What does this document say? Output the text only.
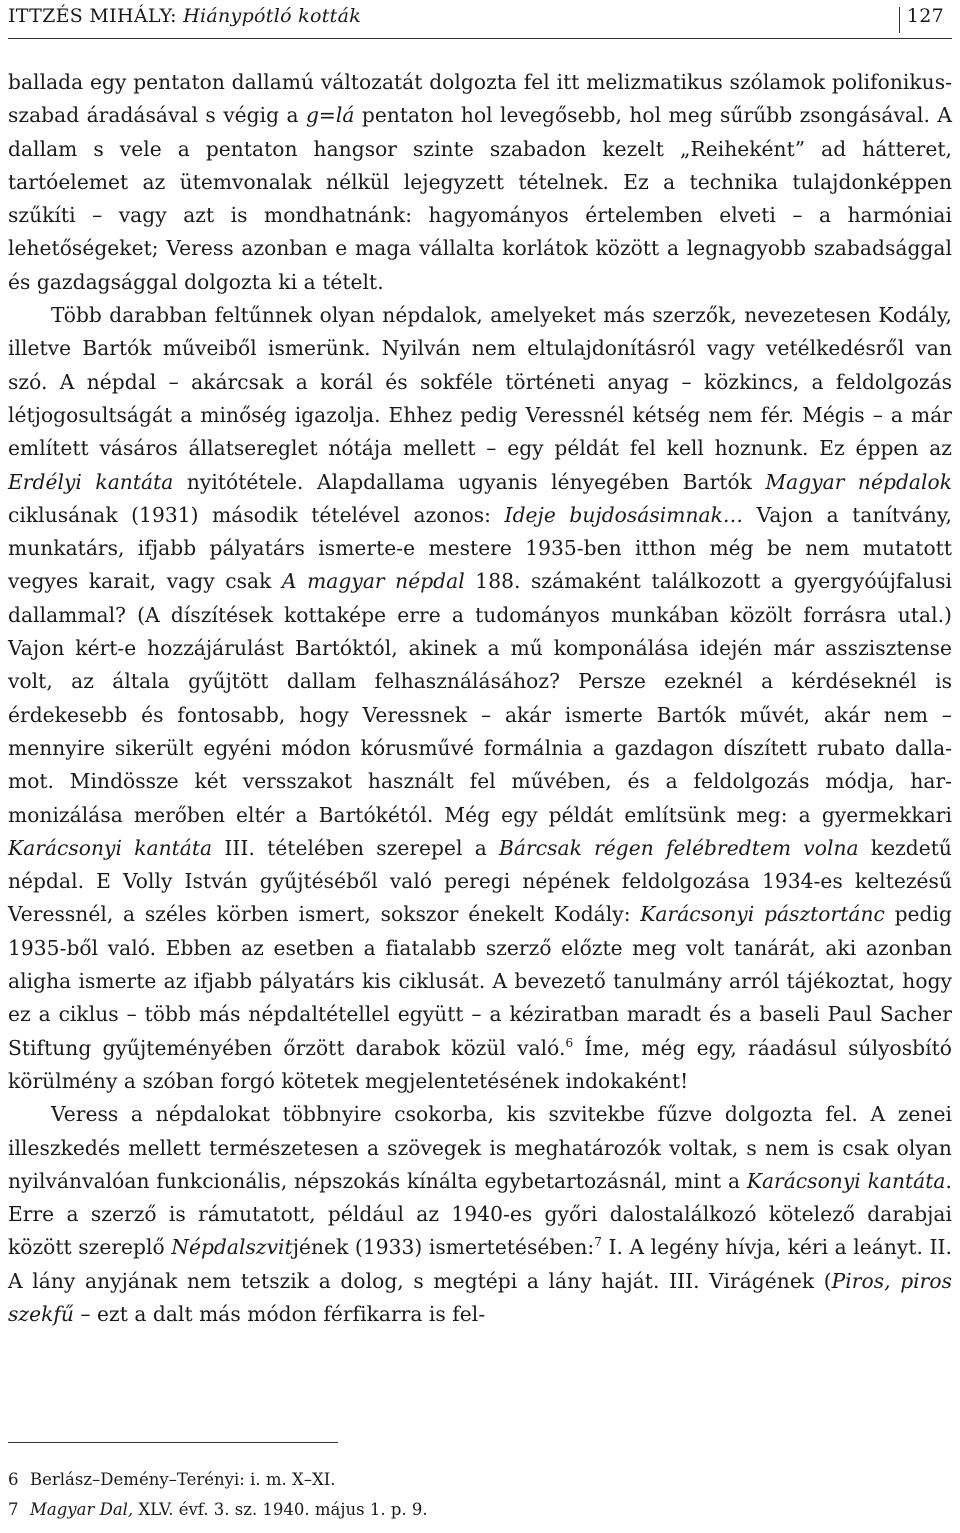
ITTZÉS MIHÁLY: Hiánypótló kották	127

ballada egy pentaton dallamú változatát dolgozta fel itt melizmatikus szólamok polifonikus-szabad áradásával s végig a g=lá pentaton hol levegősebb, hol meg sűrűbb zsongásával. A dallam s vele a pentaton hangsor szinte szabadon kezelt „Reiheként” ad hátteret, tartóelemet az ütemvonalak nélkül lejegyzett tételnek. Ez a technika tulajdonképpen szűkíti – vagy azt is mondhatnánk: hagyományos értelemben elveti – a harmóniai lehetőségeket; Veress azonban e maga vállalta korlátok között a legnagyobb szabadsággal és gazdagsággal dolgozta ki a tételt.

Több darabban feltűnnek olyan népdalok, amelyeket más szerzők, nevezetesen Kodály, illetve Bartók műveiből ismerünk. Nyilván nem eltulajdonításról vagy vetélkedésről van szó. A népdal – akárcsak a korál és sokféle történeti anyag – közkincs, a feldolgozás létjogosultságát a minőség igazolja. Ehhez pedig Veressnél kétség nem fér. Mégis – a már említett vásáros állatsereglet nótája mellett – egy példát fel kell hoznunk. Ez éppen az Erdélyi kantáta nyitótétele. Alapdallama ugyanis lényegében Bartók Magyar népdalok ciklusának (1931) második tételével azonos: Ideje bujdosásimnak… Vajon a tanítvány, munkatárs, ifjabb pályatárs ismerte-e mestere 1935-ben itthon még be nem mutatott vegyes karait, vagy csak A magyar népdal 188. számaként találkozott a gyergyóújfalusi dallammal? (A díszítések kottaképe erre a tudományos munkában közölt forrásra utal.) Vajon kért-e hozzájárulást Bartóktól, akinek a mű komponálása idején már asszisztense volt, az általa gyűjtött dallam felhasználásához? Persze ezeknél a kérdéseknél is érdekesebb és fontosabb, hogy Veressnek – akár ismerte Bartók művét, akár nem – mennyire sikerült egyéni módon kórusművé formálnia a gazdagon díszített rubato dallamot. Mindössze két versszakot használt fel művében, és a feldolgozás módja, harmonizálása merőben eltér a Bartókétól. Még egy példát említsünk meg: a gyermekkari Karácsonyi kantáta III. tételében szerepel a Bárcsak régen felébredtem volna kezdetű népdal. E Volly István gyűjtéséből való peregi népének feldolgozása 1934-es keltezésű Veressnél, a széles körben ismert, sokszor énekelt Kodály: Karácsonyi pásztortánc pedig 1935-ből való. Ebben az esetben a fiatalabb szerző előzte meg volt tanárát, aki azonban aligha ismerte az ifjabb pályatárs kis ciklusát. A bevezető tanulmány arról tájékoztat, hogy ez a ciklus – több más népdaltétellel együtt – a kéziratban maradt és a baseli Paul Sacher Stiftung gyűjteményében őrzött darabok közül való.$^6$ Íme, még egy, ráadásul súlyosbító körülmény a szóban forgó kötetek megjelentetésének indokaként!

Veress a népdalokat többnyire csokorba, kis szvitekbe fűzve dolgozta fel. A zenei illeszkedés mellett természetesen a szövegek is meghatározók voltak, s nem is csak olyan nyilvánvalóan funkcionális, népszokás kínálta egybetartozásnál, mint a Karácsonyi kantáta. Erre a szerző is rámutatott, például az 1940-es győri dalostalálkozó kötelező darabjai között szereplő Népdalszvitjének (1933) ismertetésében:$^7$ I. A legény hívja, kéri a leányt. II. A lány anyjának nem tetszik a dolog, s megtépi a lány haját. III. Virágének (Piros, piros szekfű – ezt a dalt más módon férfikarra is fel-

6 Berlász–Demény–Terényi: i. m. X–XI.
7 Magyar Dal, XLV. évf. 3. sz. 1940. május 1. p. 9.
